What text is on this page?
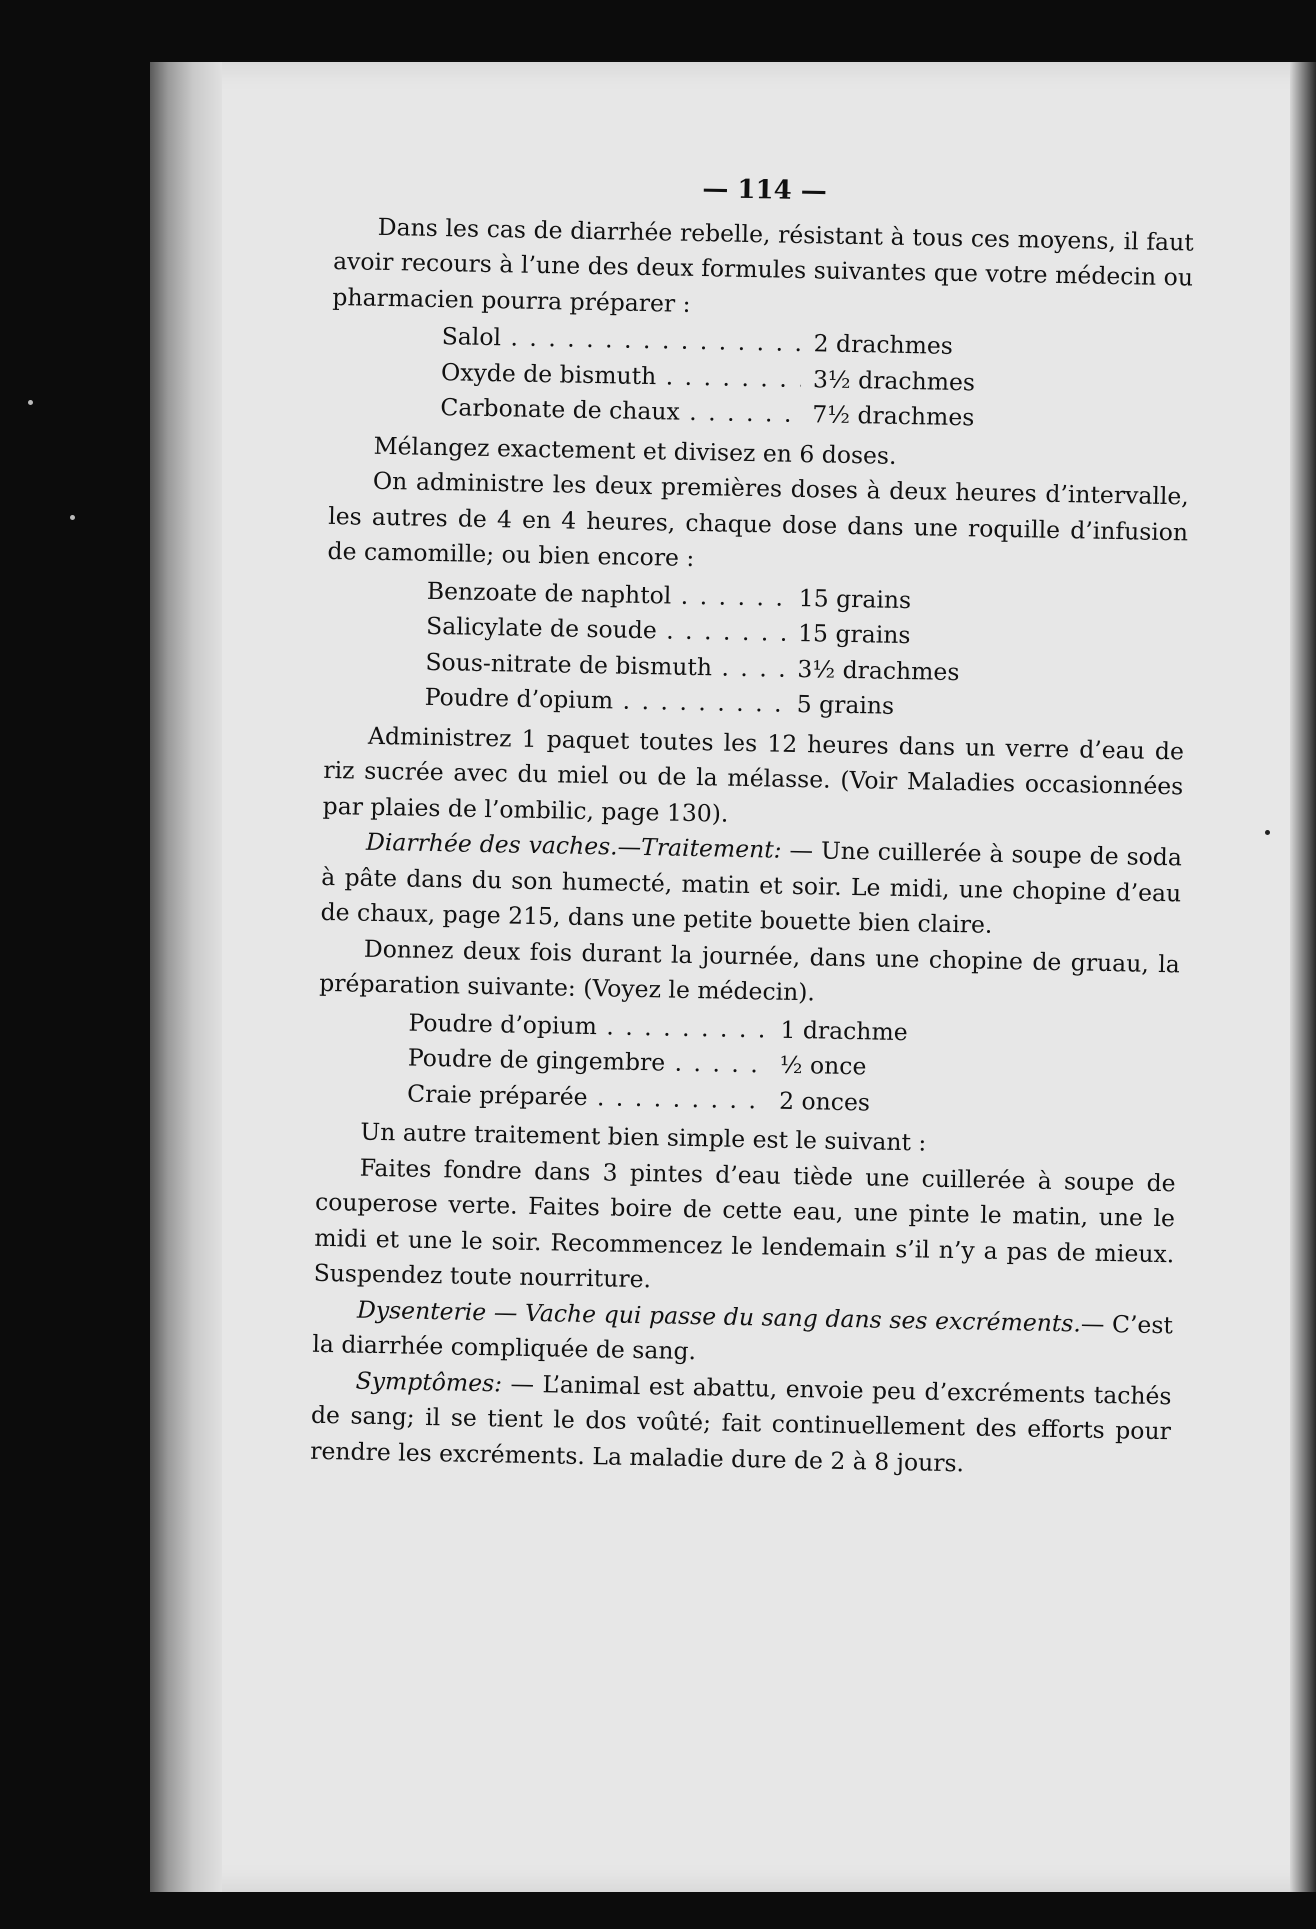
— 114 —

Dans les cas de diarrhée rebelle, résistant à tous ces moyens, il faut avoir recours à l’une des deux formules suivantes que votre médecin ou pharmacien pourra préparer :

Salol . . .	2 drachmes
Oxyde de bismuth . . .	3½ drachmes
Carbonate de chaux . . .	7½ drachmes

Mélangez exactement et divisez en 6 doses.

On administre les deux premières doses à deux heures d’intervalle, les autres de 4 en 4 heures, chaque dose dans une roquille d’infusion de camomille; ou bien encore :

Benzoate de naphtol . . .	15 grains
Salicylate de soude . . .	15 grains
Sous-nitrate de bismuth . . .	3½ drachmes
Poudre d’opium . . .	5 grains

Administrez 1 paquet toutes les 12 heures dans un verre d’eau de riz sucrée avec du miel ou de la mélasse. (Voir Maladies occasionnées par plaies de l’ombilic, page 130).

Diarrhée des vaches.—Traitement: — Une cuillerée à soupe de soda à pâte dans du son humecté, matin et soir. Le midi, une chopine d’eau de chaux, page 215, dans une petite bouette bien claire.

Donnez deux fois durant la journée, dans une chopine de gruau, la préparation suivante: (Voyez le médecin).

Poudre d’opium . . .	1 drachme
Poudre de gingembre . . .	½ once
Craie préparée . . .	2 onces

Un autre traitement bien simple est le suivant :

Faites fondre dans 3 pintes d’eau tiède une cuillerée à soupe de couperose verte. Faites boire de cette eau, une pinte le matin, une le midi et une le soir. Recommencez le lendemain s’il n’y a pas de mieux. Suspendez toute nourriture.

Dysenterie — Vache qui passe du sang dans ses excréments.— C’est la diarrhée compliquée de sang.

Symptômes: — L’animal est abattu, envoie peu d’excréments tachés de sang; il se tient le dos voûté; fait continuellement des efforts pour rendre les excréments. La maladie dure de 2 à 8 jours.
